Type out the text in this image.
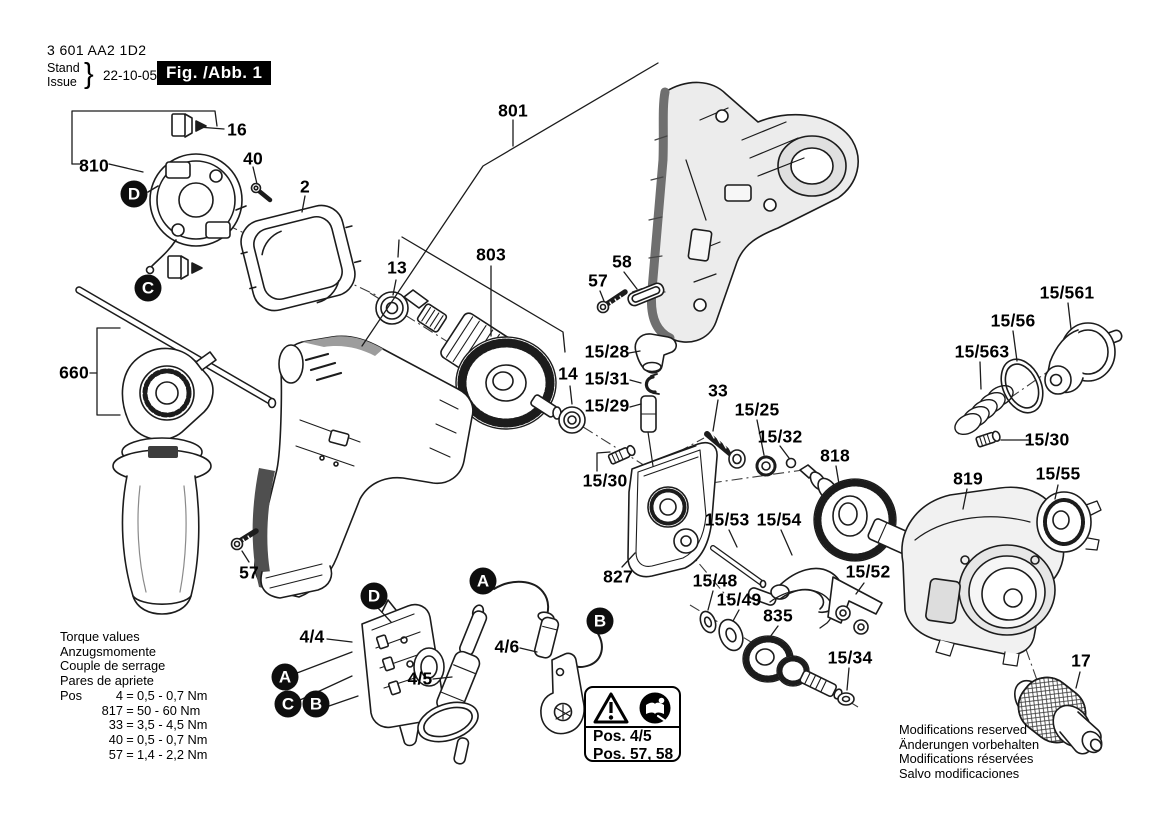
16
810	40
2
801
13
803
57
58
14
15/28
15/31
15/29
33
15/25
15/32
818
15/563
15/56
15/561
15/30
819	15/55
15/30
827
15/53 15/54
15/52
15/48
15/49
835
15/34
660
57
4/4	4/6
4/5
17
D
C
D
A
C B
A
B
3 601 AA2 1D2
Stand
Issue } 22-10-05 Fig. /Abb. 1
Torque values
Anzugsmomente
Couple de serrage
Pares de apriete
Pos	4 = 0,5 - 0,7 Nm
817 = 50 - 60 Nm
33 = 3,5 - 4,5 Nm
40 = 0,5 - 0,7 Nm
57 = 1,4 - 2,2 Nm
Modifications reserved
Änderungen vorbehalten
Modifications réservées
Salvo modificaciones
Pos. 4/5
Pos. 57, 58
